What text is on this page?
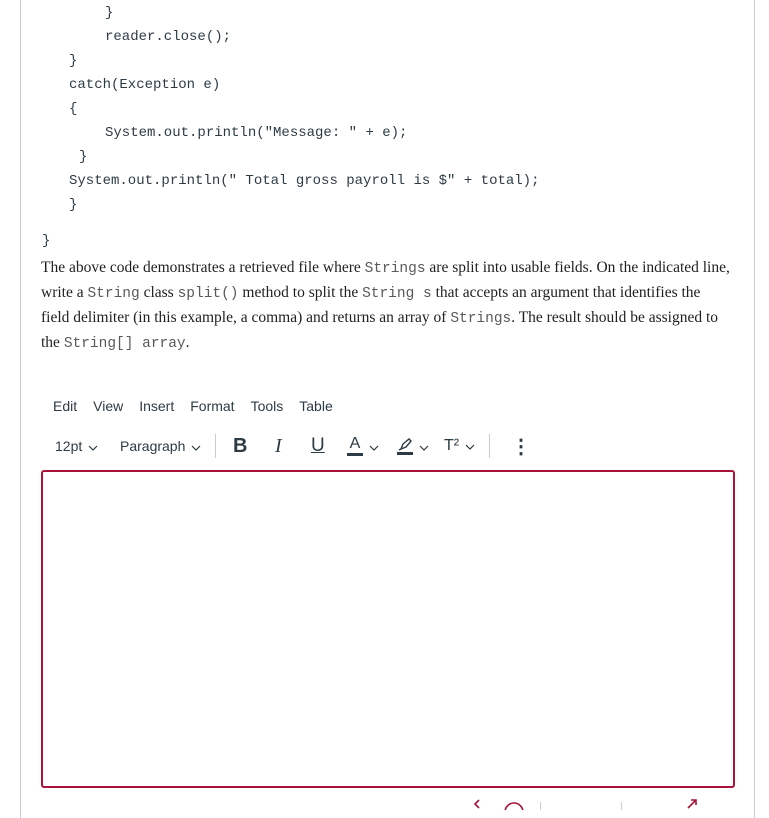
}
reader.close();
}
catch(Exception e)
{
System.out.println("Message: " + e);
}
System.out.println(" Total gross payroll is $" + total);
}
}
The above code demonstrates a retrieved file where Strings are split into usable fields. On the indicated line, write a String class split() method to split the String s that accepts an argument that identifies the field delimiter (in this example, a comma) and returns an array of Strings. The result should be assigned to the String[] array.
Edit View Insert Format Tools Table
12pt	Paragraph B I U A	T²	⋮
